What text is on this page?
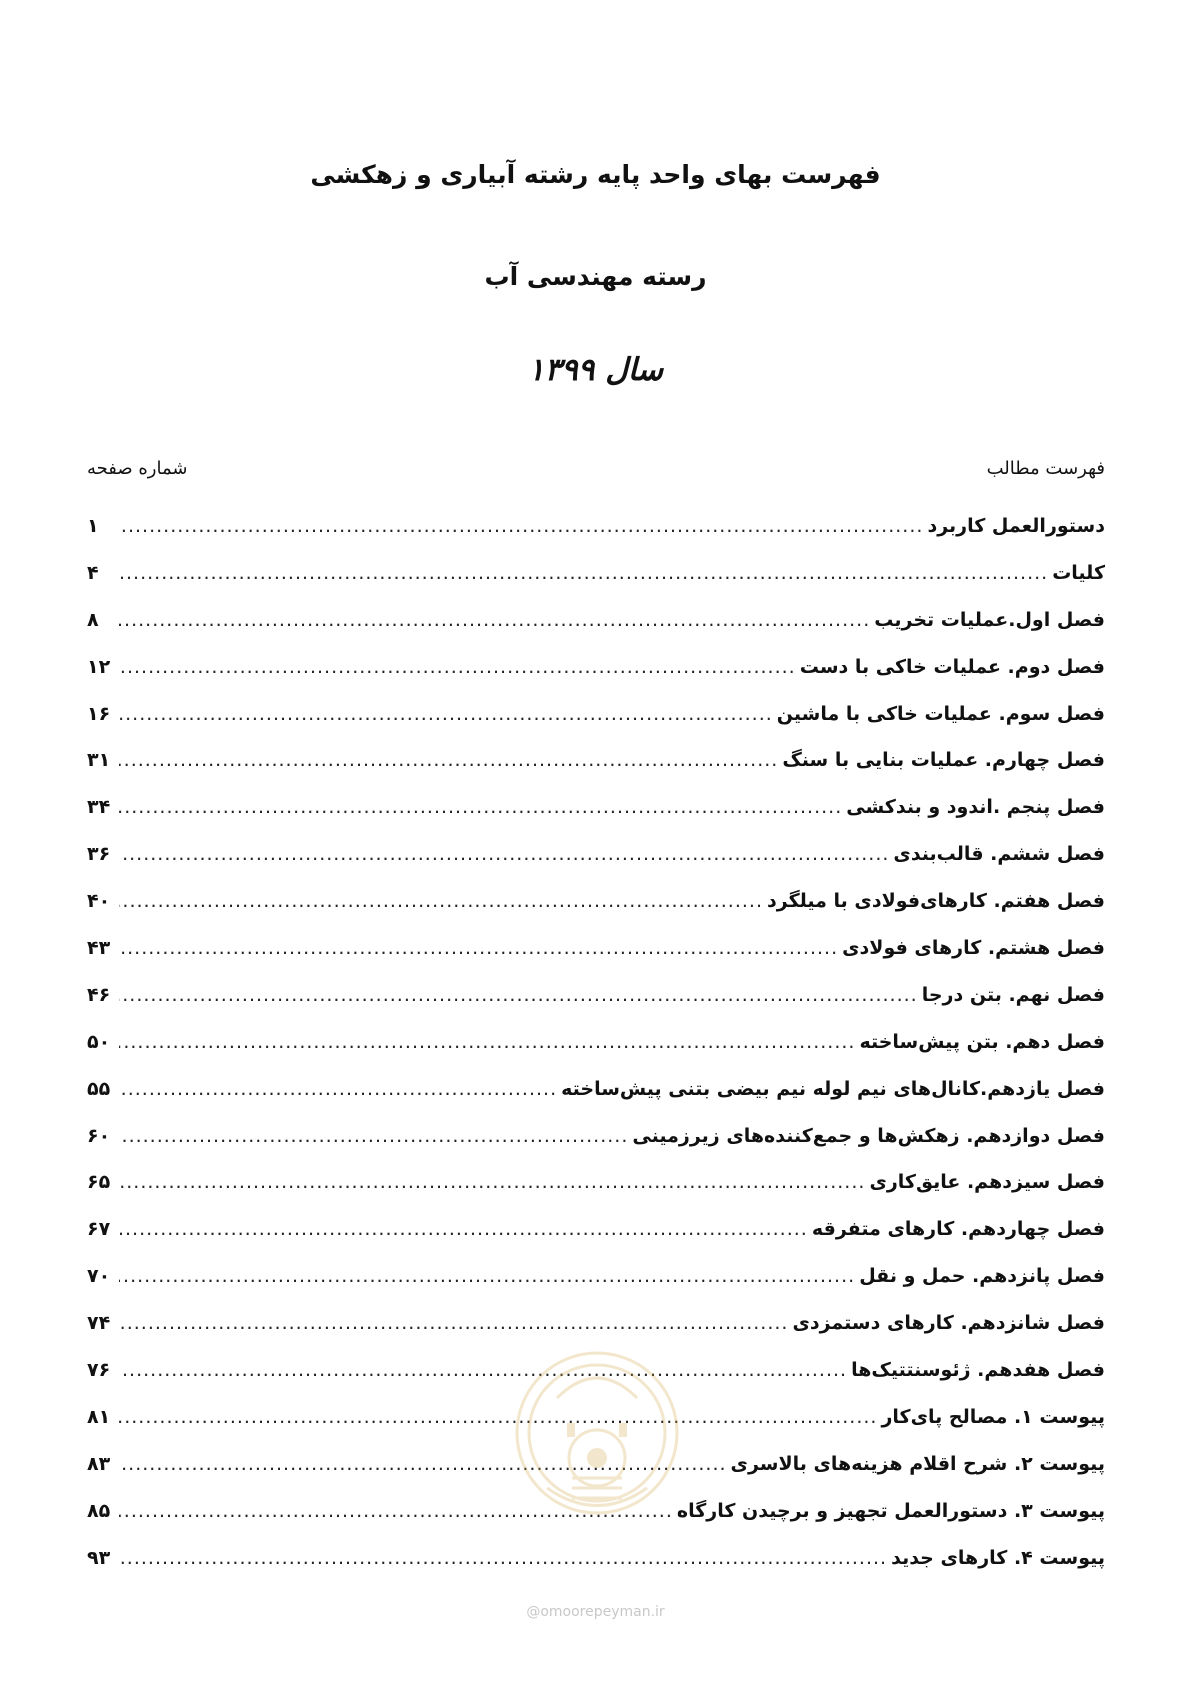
فهرست بهای واحد پایه رشته آبیاری و زهکشی
رسته مهندسی آب
سال ۱۳۹۹
فهرست مطالب
شماره صفحه
دستورالعمل کاربرد
.....
۱
کلیات
.....
۴
فصل اول.عملیات تخریب
.....
۸
فصل دوم. عملیات خاکی با دست
.....
۱۲
فصل سوم. عملیات خاکی با ماشین
.....
۱۶
فصل چهارم. عملیات بنایی با سنگ
.....
۳۱
فصل پنجم .اندود و بندکشی
.....
۳۴
فصل ششم. قالب‌بندی
.....
۳۶
فصل هفتم. کارهای‌فولادی با میلگرد
.....
۴۰
فصل هشتم. کارهای فولادی
.....
۴۳
فصل نهم. بتن درجا
.....
۴۶
فصل دهم. بتن پیش‌ساخته
.....
۵۰
فصل یازدهم.کانال‌های نیم لوله نیم بیضی بتنی پیش‌ساخته
.....
۵۵
فصل دوازدهم. زهکش‌ها و جمع‌کننده‌های زیرزمینی
.....
۶۰
فصل سیزدهم. عایق‌کاری
.....
۶۵
فصل چهاردهم. کارهای متفرقه
.....
۶۷
فصل پانزدهم. حمل و نقل
.....
۷۰
فصل شانزدهم. کارهای دستمزدی
.....
۷۴
فصل هفدهم. ژئوسنتتیک‌ها
.....
۷۶
پیوست ۱. مصالح پای‌کار
.....
۸۱
پیوست ۲. شرح اقلام هزینه‌های بالاسری
.....
۸۳
پیوست ۳. دستورالعمل تجهیز و برچیدن کارگاه
.....
۸۵
پیوست ۴. کارهای جدید
.....
۹۳
@omoorepeyman.ir
